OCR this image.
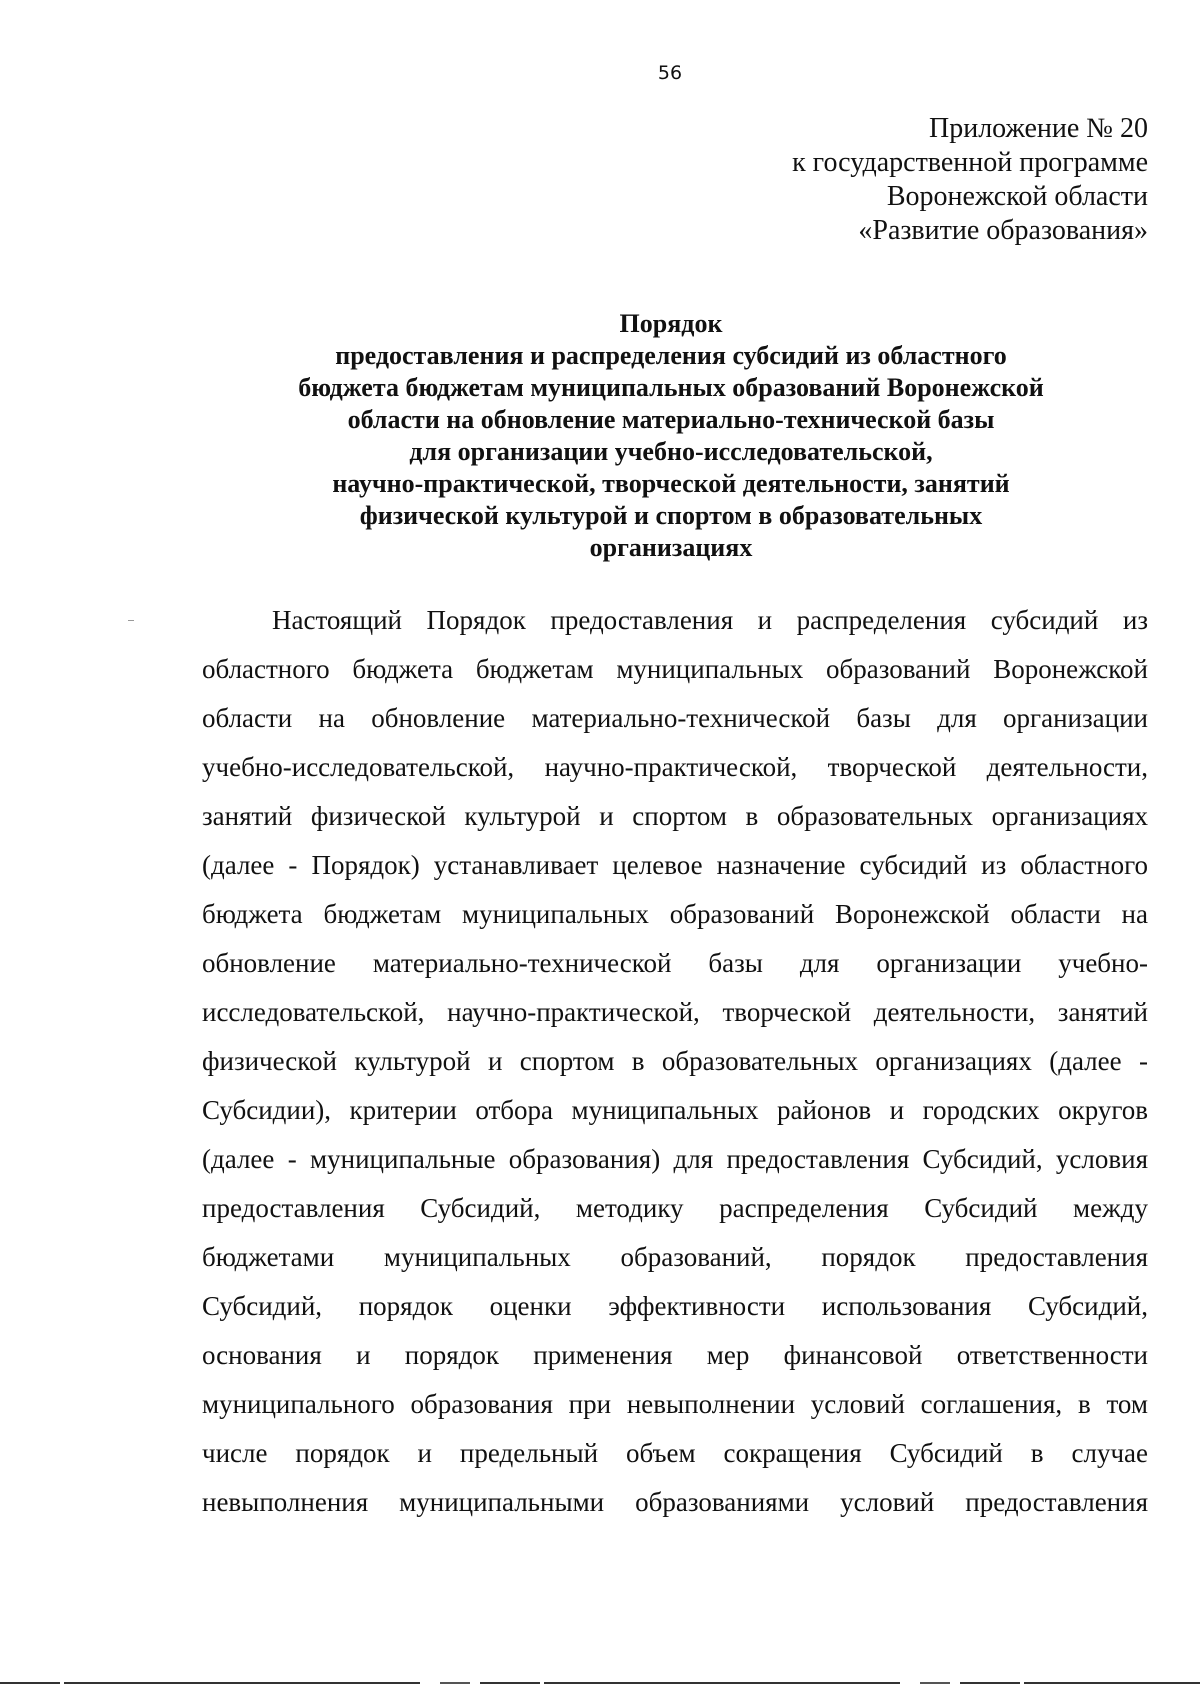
56
Приложение № 20
к государственной программе
Воронежской области
«Развитие образования»
Порядок
предоставления и распределения субсидий из областного
бюджета бюджетам муниципальных образований Воронежской
области на обновление материально-технической базы
для организации учебно-исследовательской,
научно-практической, творческой деятельности, занятий
физической культурой и спортом в образовательных
организациях
Настоящий Порядок предоставления и распределения субсидий из
областного бюджета бюджетам муниципальных образований Воронежской
области на обновление материально-технической базы для организации
учебно-исследовательской, научно-практической, творческой деятельности,
занятий физической культурой и спортом в образовательных организациях
(далее - Порядок) устанавливает целевое назначение субсидий из областного
бюджета бюджетам муниципальных образований Воронежской области на
обновление материально-технической базы для организации учебно-
исследовательской, научно-практической, творческой деятельности, занятий
физической культурой и спортом в образовательных организациях (далее -
Субсидии), критерии отбора муниципальных районов и городских округов
(далее - муниципальные образования) для предоставления Субсидий, условия
предоставления Субсидий, методику распределения Субсидий между
бюджетами муниципальных образований, порядок предоставления
Субсидий, порядок оценки эффективности использования Субсидий,
основания и порядок применения мер финансовой ответственности
муниципального образования при невыполнении условий соглашения, в том
числе порядок и предельный объем сокращения Субсидий в случае
невыполнения муниципальными образованиями условий предоставления
